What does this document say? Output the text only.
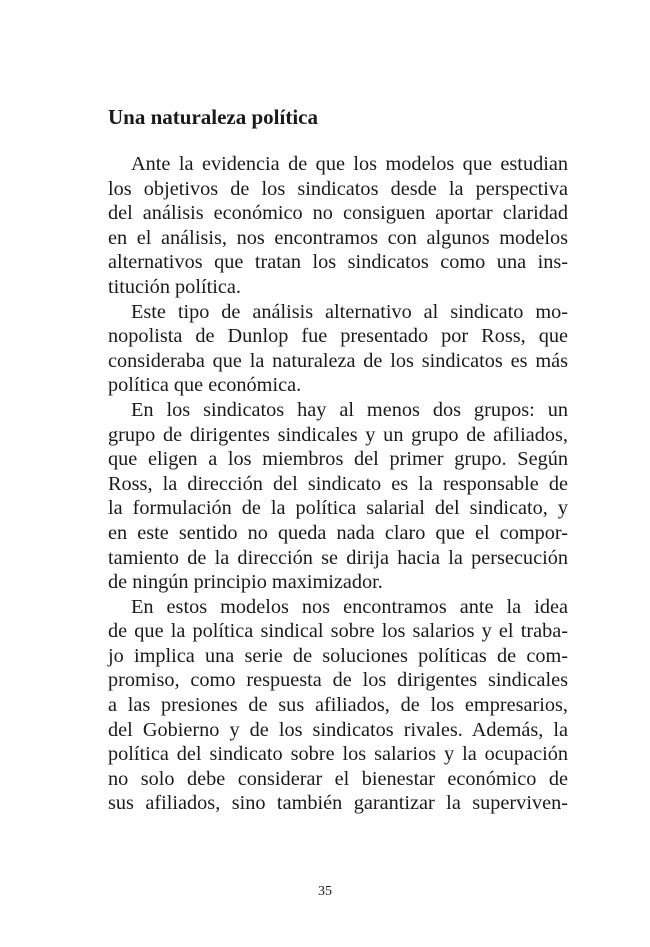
Una naturaleza política
Ante la evidencia de que los modelos que estudian
los objetivos de los sindicatos desde la perspectiva
del análisis económico no consiguen aportar claridad
en el análisis, nos encontramos con algunos modelos
alternativos que tratan los sindicatos como una ins-
titución política.
Este tipo de análisis alternativo al sindicato mo-
nopolista de Dunlop fue presentado por Ross, que
consideraba que la naturaleza de los sindicatos es más
política que económica.
En los sindicatos hay al menos dos grupos: un
grupo de dirigentes sindicales y un grupo de afiliados,
que eligen a los miembros del primer grupo. Según
Ross, la dirección del sindicato es la responsable de
la formulación de la política salarial del sindicato, y
en este sentido no queda nada claro que el compor-
tamiento de la dirección se dirija hacia la persecución
de ningún principio maximizador.
En estos modelos nos encontramos ante la idea
de que la política sindical sobre los salarios y el traba-
jo implica una serie de soluciones políticas de com-
promiso, como respuesta de los dirigentes sindicales
a las presiones de sus afiliados, de los empresarios,
del Gobierno y de los sindicatos rivales. Además, la
política del sindicato sobre los salarios y la ocupación
no solo debe considerar el bienestar económico de
sus afiliados, sino también garantizar la superviven-
35
